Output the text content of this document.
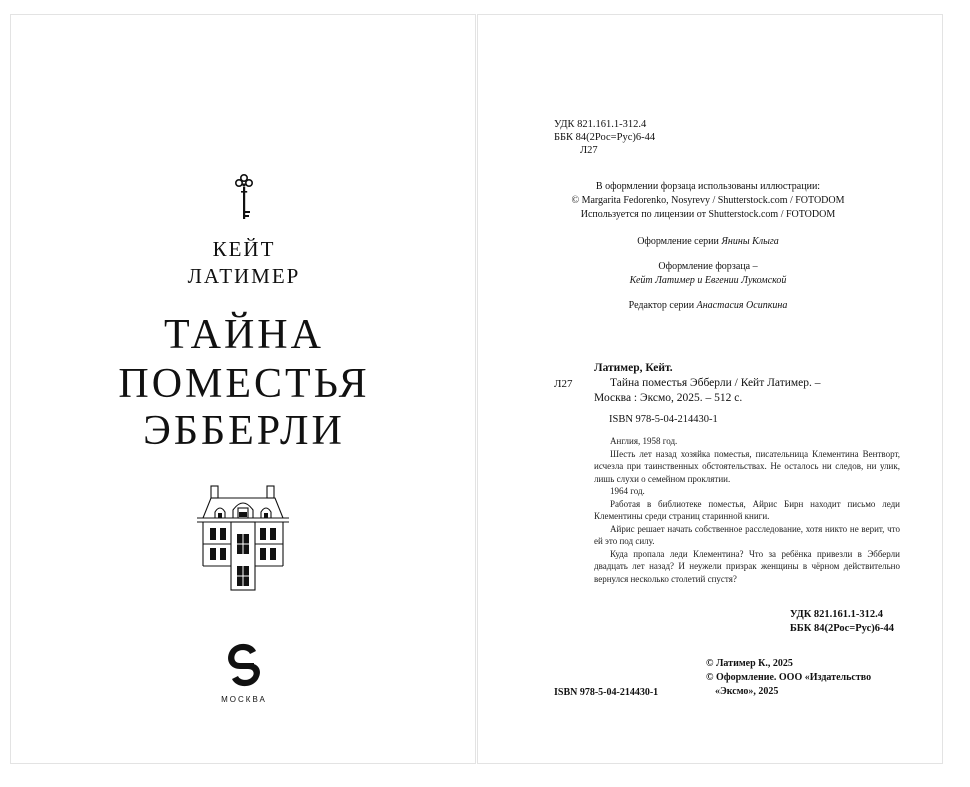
КЕЙТ
ЛАТИМЕР
ТАЙНА
ПОМЕСТЬЯ
ЭББЕРЛИ
МОСКВА
УДК 821.161.1-312.4
ББК 84(2Рос=Рус)6-44
Л27
В оформлении форзаца использованы иллюстрации:
© Margarita Fedorenko, Nosyrevy / Shutterstock.com / FOTODOM
Используется по лицензии от Shutterstock.com / FOTODOM
Оформление серии Янины Клыга
Оформление форзаца –
Кейт Латимер и Евгении Лукомской
Редактор серии Анастасия Осипкина
Л27
Латимер, Кейт.
Тайна поместья Эбберли / Кейт Латимер. –
Москва : Эксмо, 2025. – 512 с.
ISBN 978-5-04-214430-1

Англия, 1958 год.

Шесть лет назад хозяйка поместья, писательница Клементина Вентворт, исчезла при таинственных обстоятельствах. Не осталось ни следов, ни улик, лишь слухи о семейном проклятии.

1964 год.

Работая в библиотеке поместья, Айрис Бирн находит письмо леди Клементины среди страниц старинной книги.

Айрис решает начать собственное расследование, хотя никто не верит, что ей это под силу.

Куда пропала леди Клементина? Что за ребёнка привезли в Эбберли двадцать лет назад? И неужели призрак женщины в чёрном действительно вернулся несколько столетий спустя?

УДК 821.161.1-312.4
ББК 84(2Рос=Рус)6-44
ISBN 978-5-04-214430-1
© Латимер К., 2025
© Оформление. ООО «Издательство
«Эксмо», 2025
